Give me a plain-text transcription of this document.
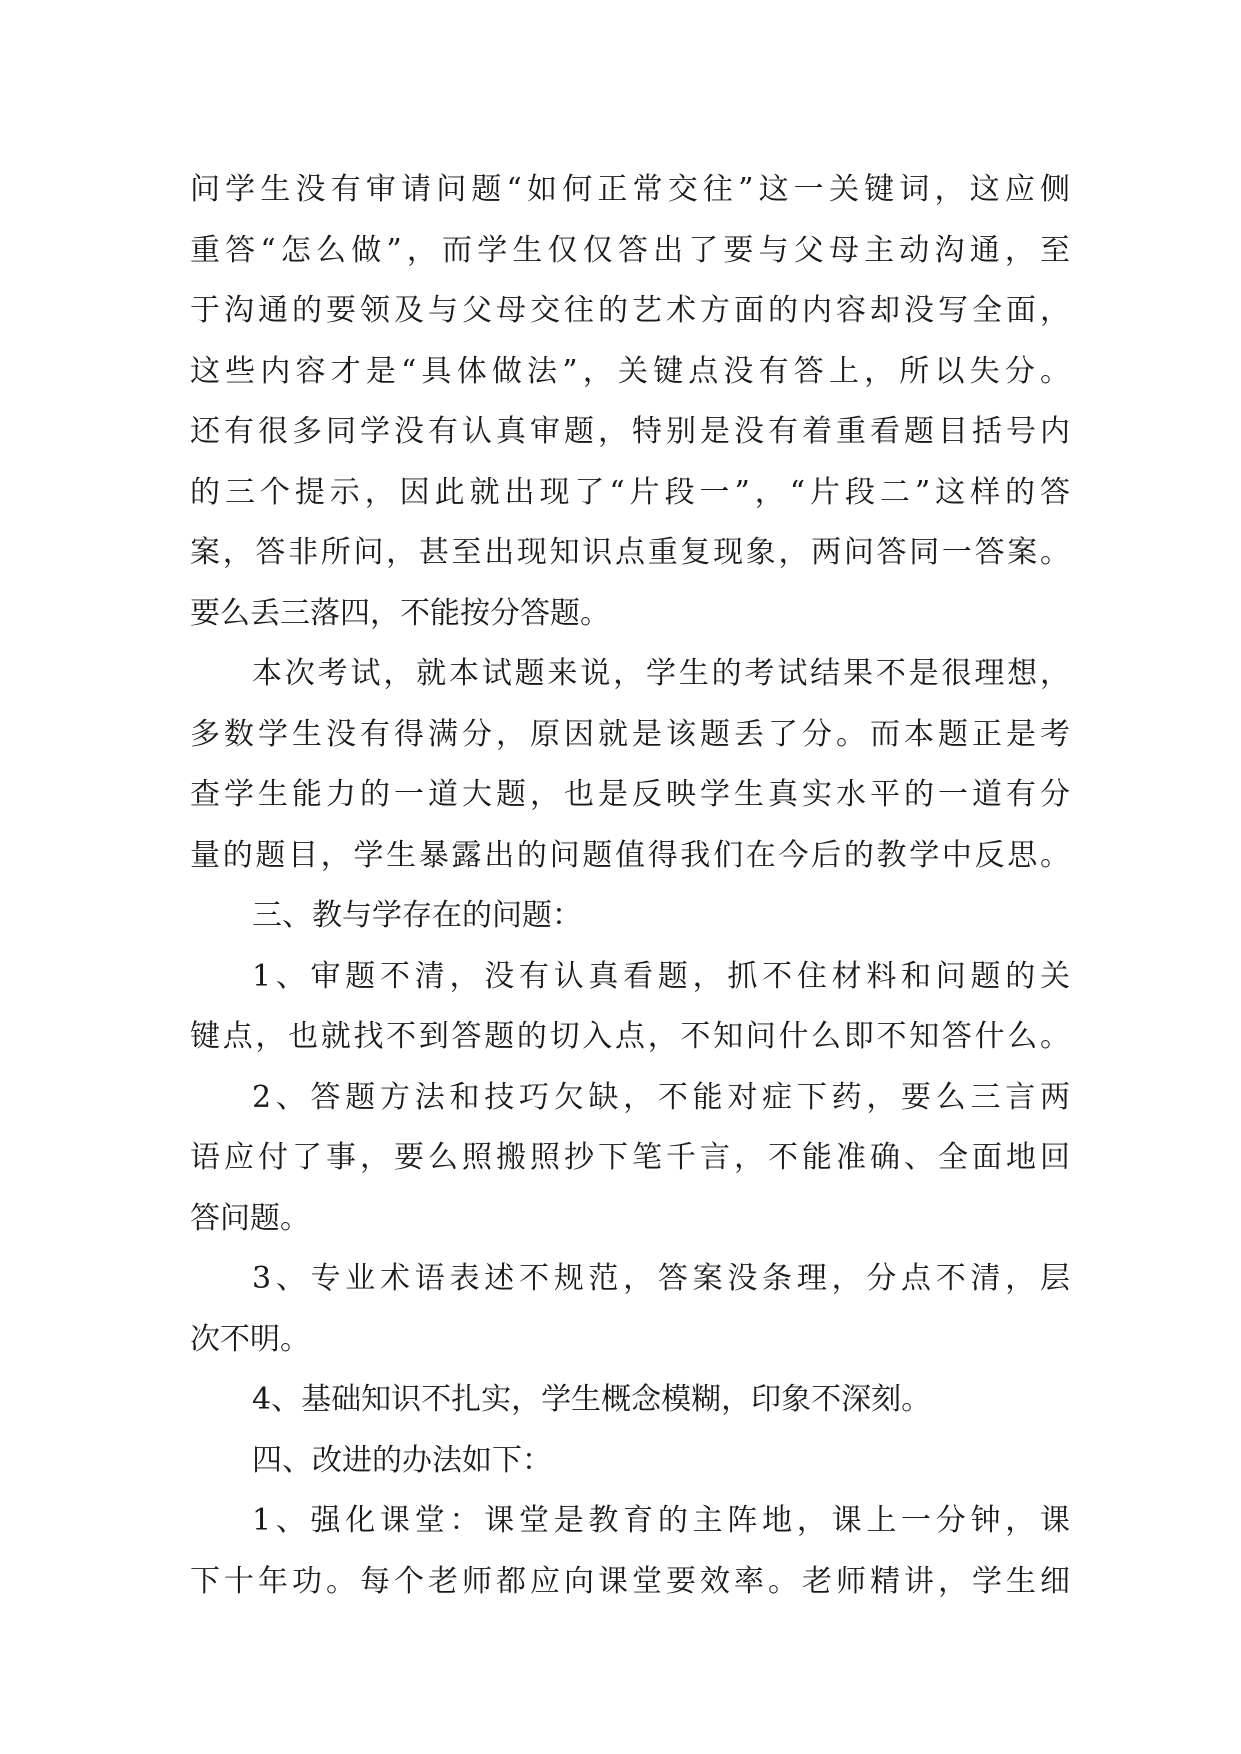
问学生没有审请问题“如何正常交往”这一关键词，这应侧
重答“怎么做”，而学生仅仅答出了要与父母主动沟通，至
于沟通的要领及与父母交往的艺术方面的内容却没写全面，
这些内容才是“具体做法”，关键点没有答上，所以失分。
还有很多同学没有认真审题，特别是没有着重看题目括号内
的三个提示，因此就出现了“片段一”，“片段二”这样的答
案，答非所问，甚至出现知识点重复现象，两问答同一答案。
要么丢三落四，不能按分答题。
本次考试，就本试题来说，学生的考试结果不是很理想，
多数学生没有得满分，原因就是该题丢了分。而本题正是考
查学生能力的一道大题，也是反映学生真实水平的一道有分
量的题目，学生暴露出的问题值得我们在今后的教学中反思。
三、教与学存在的问题：
1、审题不清，没有认真看题，抓不住材料和问题的关
键点，也就找不到答题的切入点，不知问什么即不知答什么。
2、答题方法和技巧欠缺，不能对症下药，要么三言两
语应付了事，要么照搬照抄下笔千言，不能准确、全面地回
答问题。
3、专业术语表述不规范，答案没条理，分点不清，层
次不明。
4、基础知识不扎实，学生概念模糊，印象不深刻。
四、改进的办法如下：
1、强化课堂：课堂是教育的主阵地，课上一分钟，课
下十年功。每个老师都应向课堂要效率。老师精讲，学生细
